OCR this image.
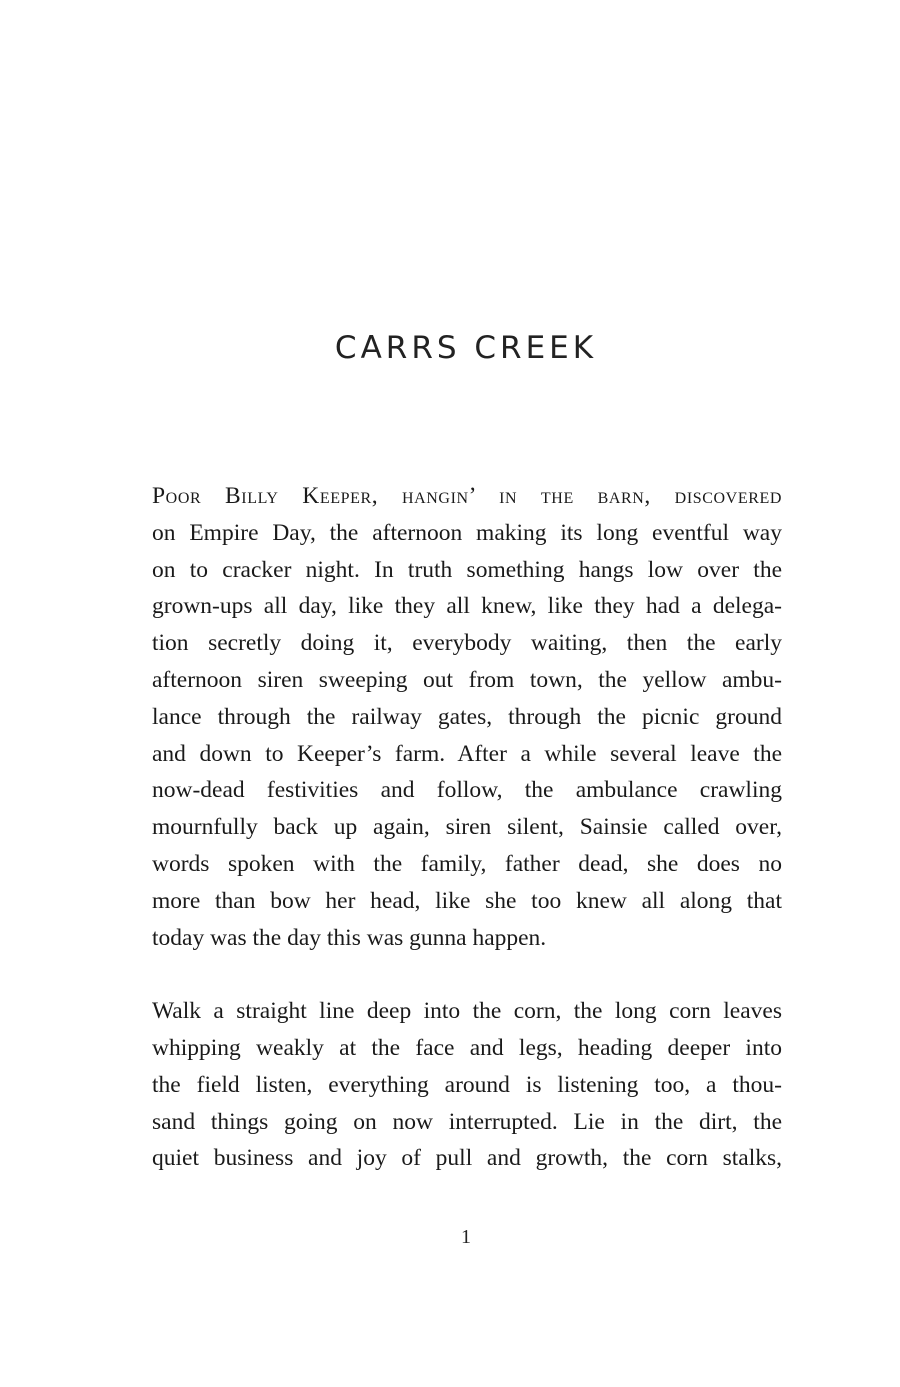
CARRS CREEK

Poor Billy Keeper, hangin’ in the barn, discovered
on Empire Day, the afternoon making its long eventful way
on to cracker night. In truth something hangs low over the
grown-ups all day, like they all knew, like they had a delega-
tion secretly doing it, everybody waiting, then the early
afternoon siren sweeping out from town, the yellow ambu-
lance through the railway gates, through the picnic ground
and down to Keeper’s farm. After a while several leave the
now-dead festivities and follow, the ambulance crawling
mournfully back up again, siren silent, Sainsie called over,
words spoken with the family, father dead, she does no
more than bow her head, like she too knew all along that
today was the day this was gunna happen.

Walk a straight line deep into the corn, the long corn leaves
whipping weakly at the face and legs, heading deeper into
the field listen, everything around is listening too, a thou-
sand things going on now interrupted. Lie in the dirt, the
quiet business and joy of pull and growth, the corn stalks,

1
